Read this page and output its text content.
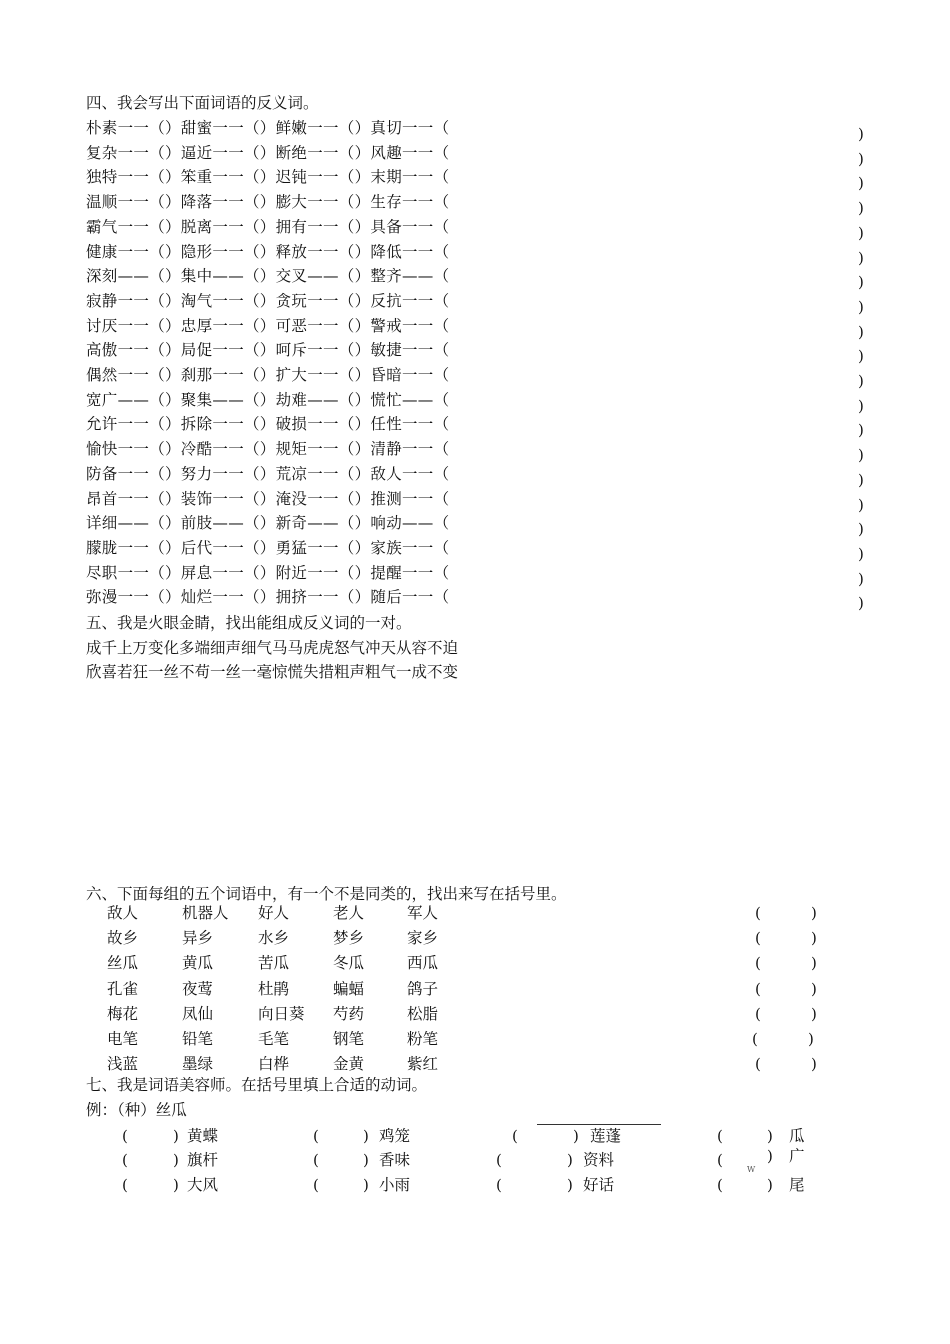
四、我会写出下面词语的反义词。
朴素一一（）甜蜜一一（）鲜嫩一一（）真切一一（	)
复杂一一（）逼近一一（）断绝一一（）风趣一一（	)
独特一一（）笨重一一（）迟钝一一（）末期一一（	)
温顺一一（）降落一一（）膨大一一（）生存一一（	)
霸气一一（）脱离一一（）拥有一一（）具备一一（	)
健康一一（）隐形一一（）释放一一（）降低一一（	)
深刻——（）集中——（）交叉——（）整齐——（	)
寂静一一（）淘气一一（）贪玩一一（）反抗一一（	)
讨厌一一（）忠厚一一（）可恶一一（）警戒一一（	)
高傲一一（）局促一一（）呵斥一一（）敏捷一一（	)
偶然一一（）刹那一一（）扩大一一（）昏暗一一（	)
宽广——（）聚集——（）劫难——（）慌忙——（	)
允许一一（）拆除一一（）破损一一（）任性一一（	)
愉快一一（）冷酷一一（）规矩一一（）清静一一（	)
防备一一（）努力一一（）荒凉一一（）敌人一一（	)
昂首一一（）装饰一一（）淹没一一（）推测一一（	)
详细——（）前肢——（）新奇——（）响动——（	)
朦胧一一（）后代一一（）勇猛一一（）家族一一（	)
尽职一一（）屏息一一（）附近一一（）提醒一一（	)
弥漫一一（）灿烂一一（）拥挤一一（）随后一一（	)
五、我是火眼金睛，找出能组成反义词的一对。
成千上万变化多端细声细气马马虎虎怒气冲天从容不迫
欣喜若狂一丝不苟一丝一毫惊慌失措粗声粗气一成不变
六、下面每组的五个词语中，有一个不是同类的，找出来写在括号里。
敌人	机器人 好人	老人	军人	(	)
故乡	异乡	水乡	梦乡	家乡	(	)
丝瓜	黄瓜	苦瓜	冬瓜	西瓜	(	)
孔雀	夜莺	杜鹃	蝙蝠	鸽子	(	)
梅花	凤仙	向日葵 芍药	松脂	(	)
电笔	铅笔	毛笔	钢笔	粉笔	(	)
浅蓝	墨绿	白桦	金黄	紫红	(	)
七、我是词语美容师。在括号里填上合适的动词。
例：（种）丝瓜
(	) 黄蝶	(	) 鸡笼	(	) 莲蓬	(	) 瓜
(	) 旗杆	(	) 香味	(	) 资料	(	) 广
(	) 大风	(	) 小雨	(	) 好话	(	) 尾
W
